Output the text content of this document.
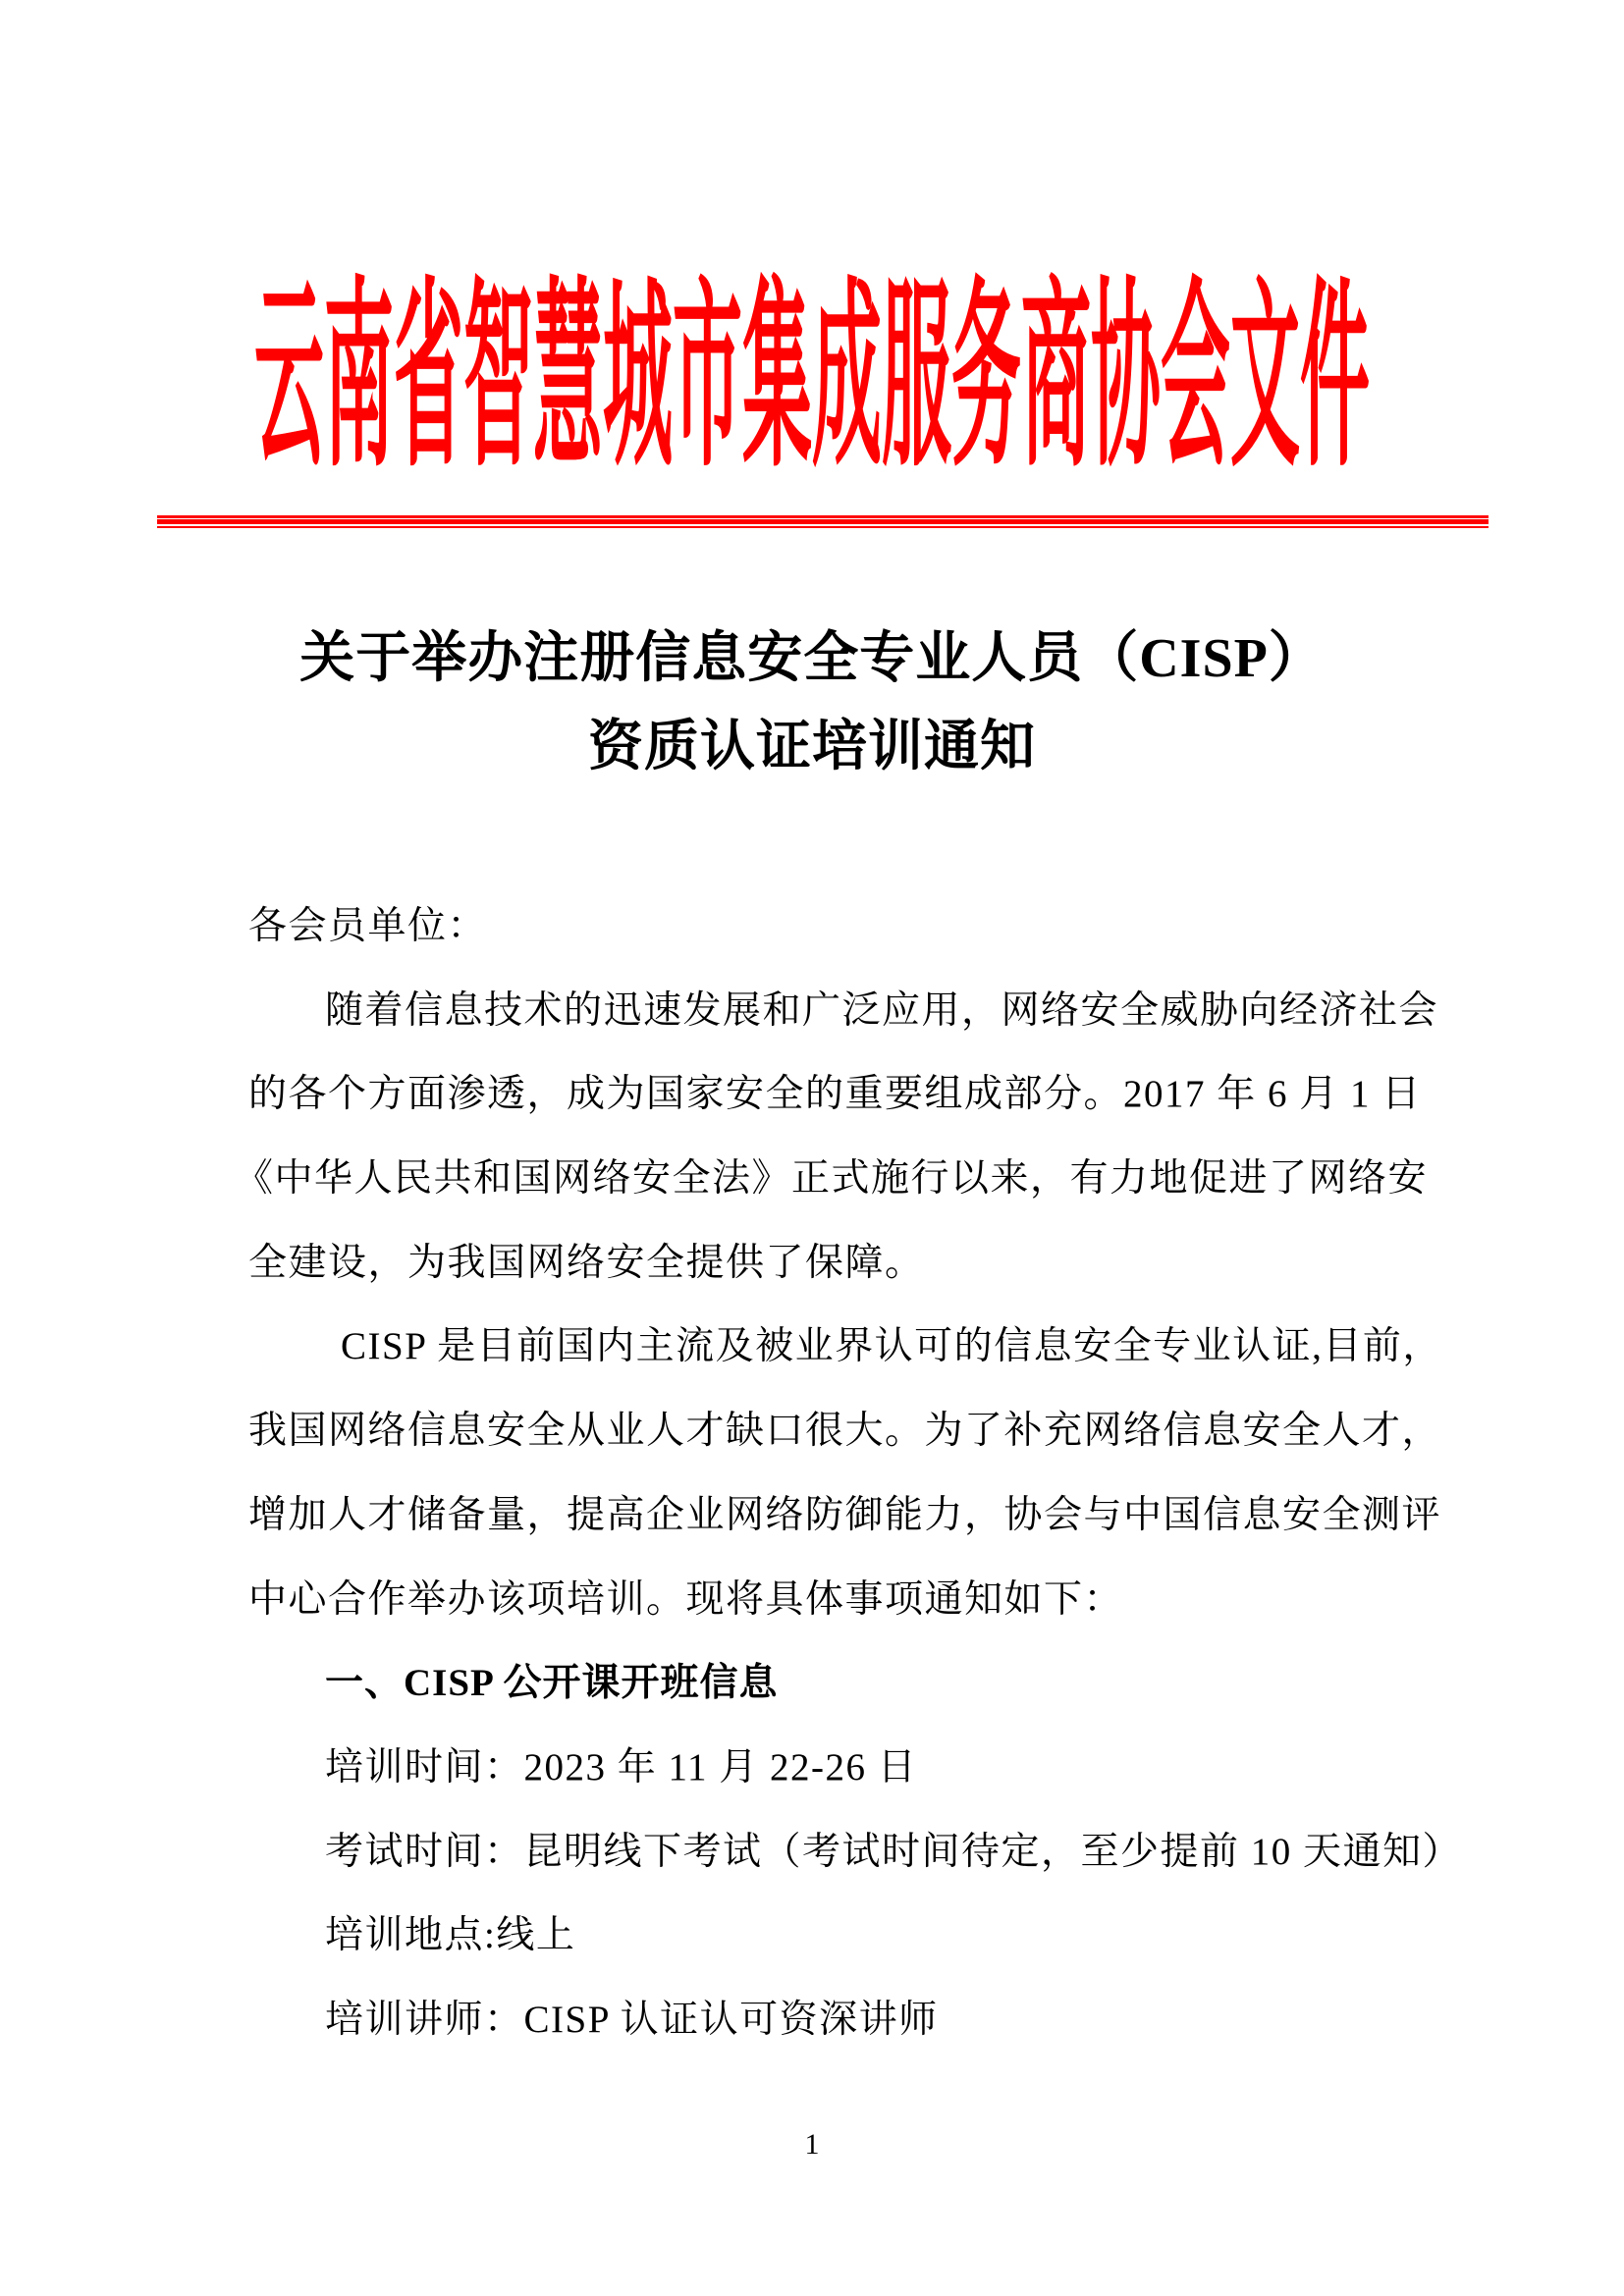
云南省智慧城市集成服务商协会文件
关于举办注册信息安全专业人员（CISP）
资质认证培训通知
各会员单位：
随着信息技术的迅速发展和广泛应用，网络安全威胁向经济社会
的各个方面渗透，成为国家安全的重要组成部分。2017 年 6 月 1 日
《中华人民共和国网络安全法》正式施行以来，有力地促进了网络安
全建设，为我国网络安全提供了保障。
CISP 是目前国内主流及被业界认可的信息安全专业认证,目前，
我国网络信息安全从业人才缺口很大。为了补充网络信息安全人才，
增加人才储备量，提高企业网络防御能力，协会与中国信息安全测评
中心合作举办该项培训。现将具体事项通知如下：
一、CISP 公开课开班信息
培训时间：2023 年 11 月 22-26 日
考试时间：昆明线下考试（考试时间待定，至少提前 10 天通知）
培训地点:线上
培训讲师：CISP 认证认可资深讲师
1
